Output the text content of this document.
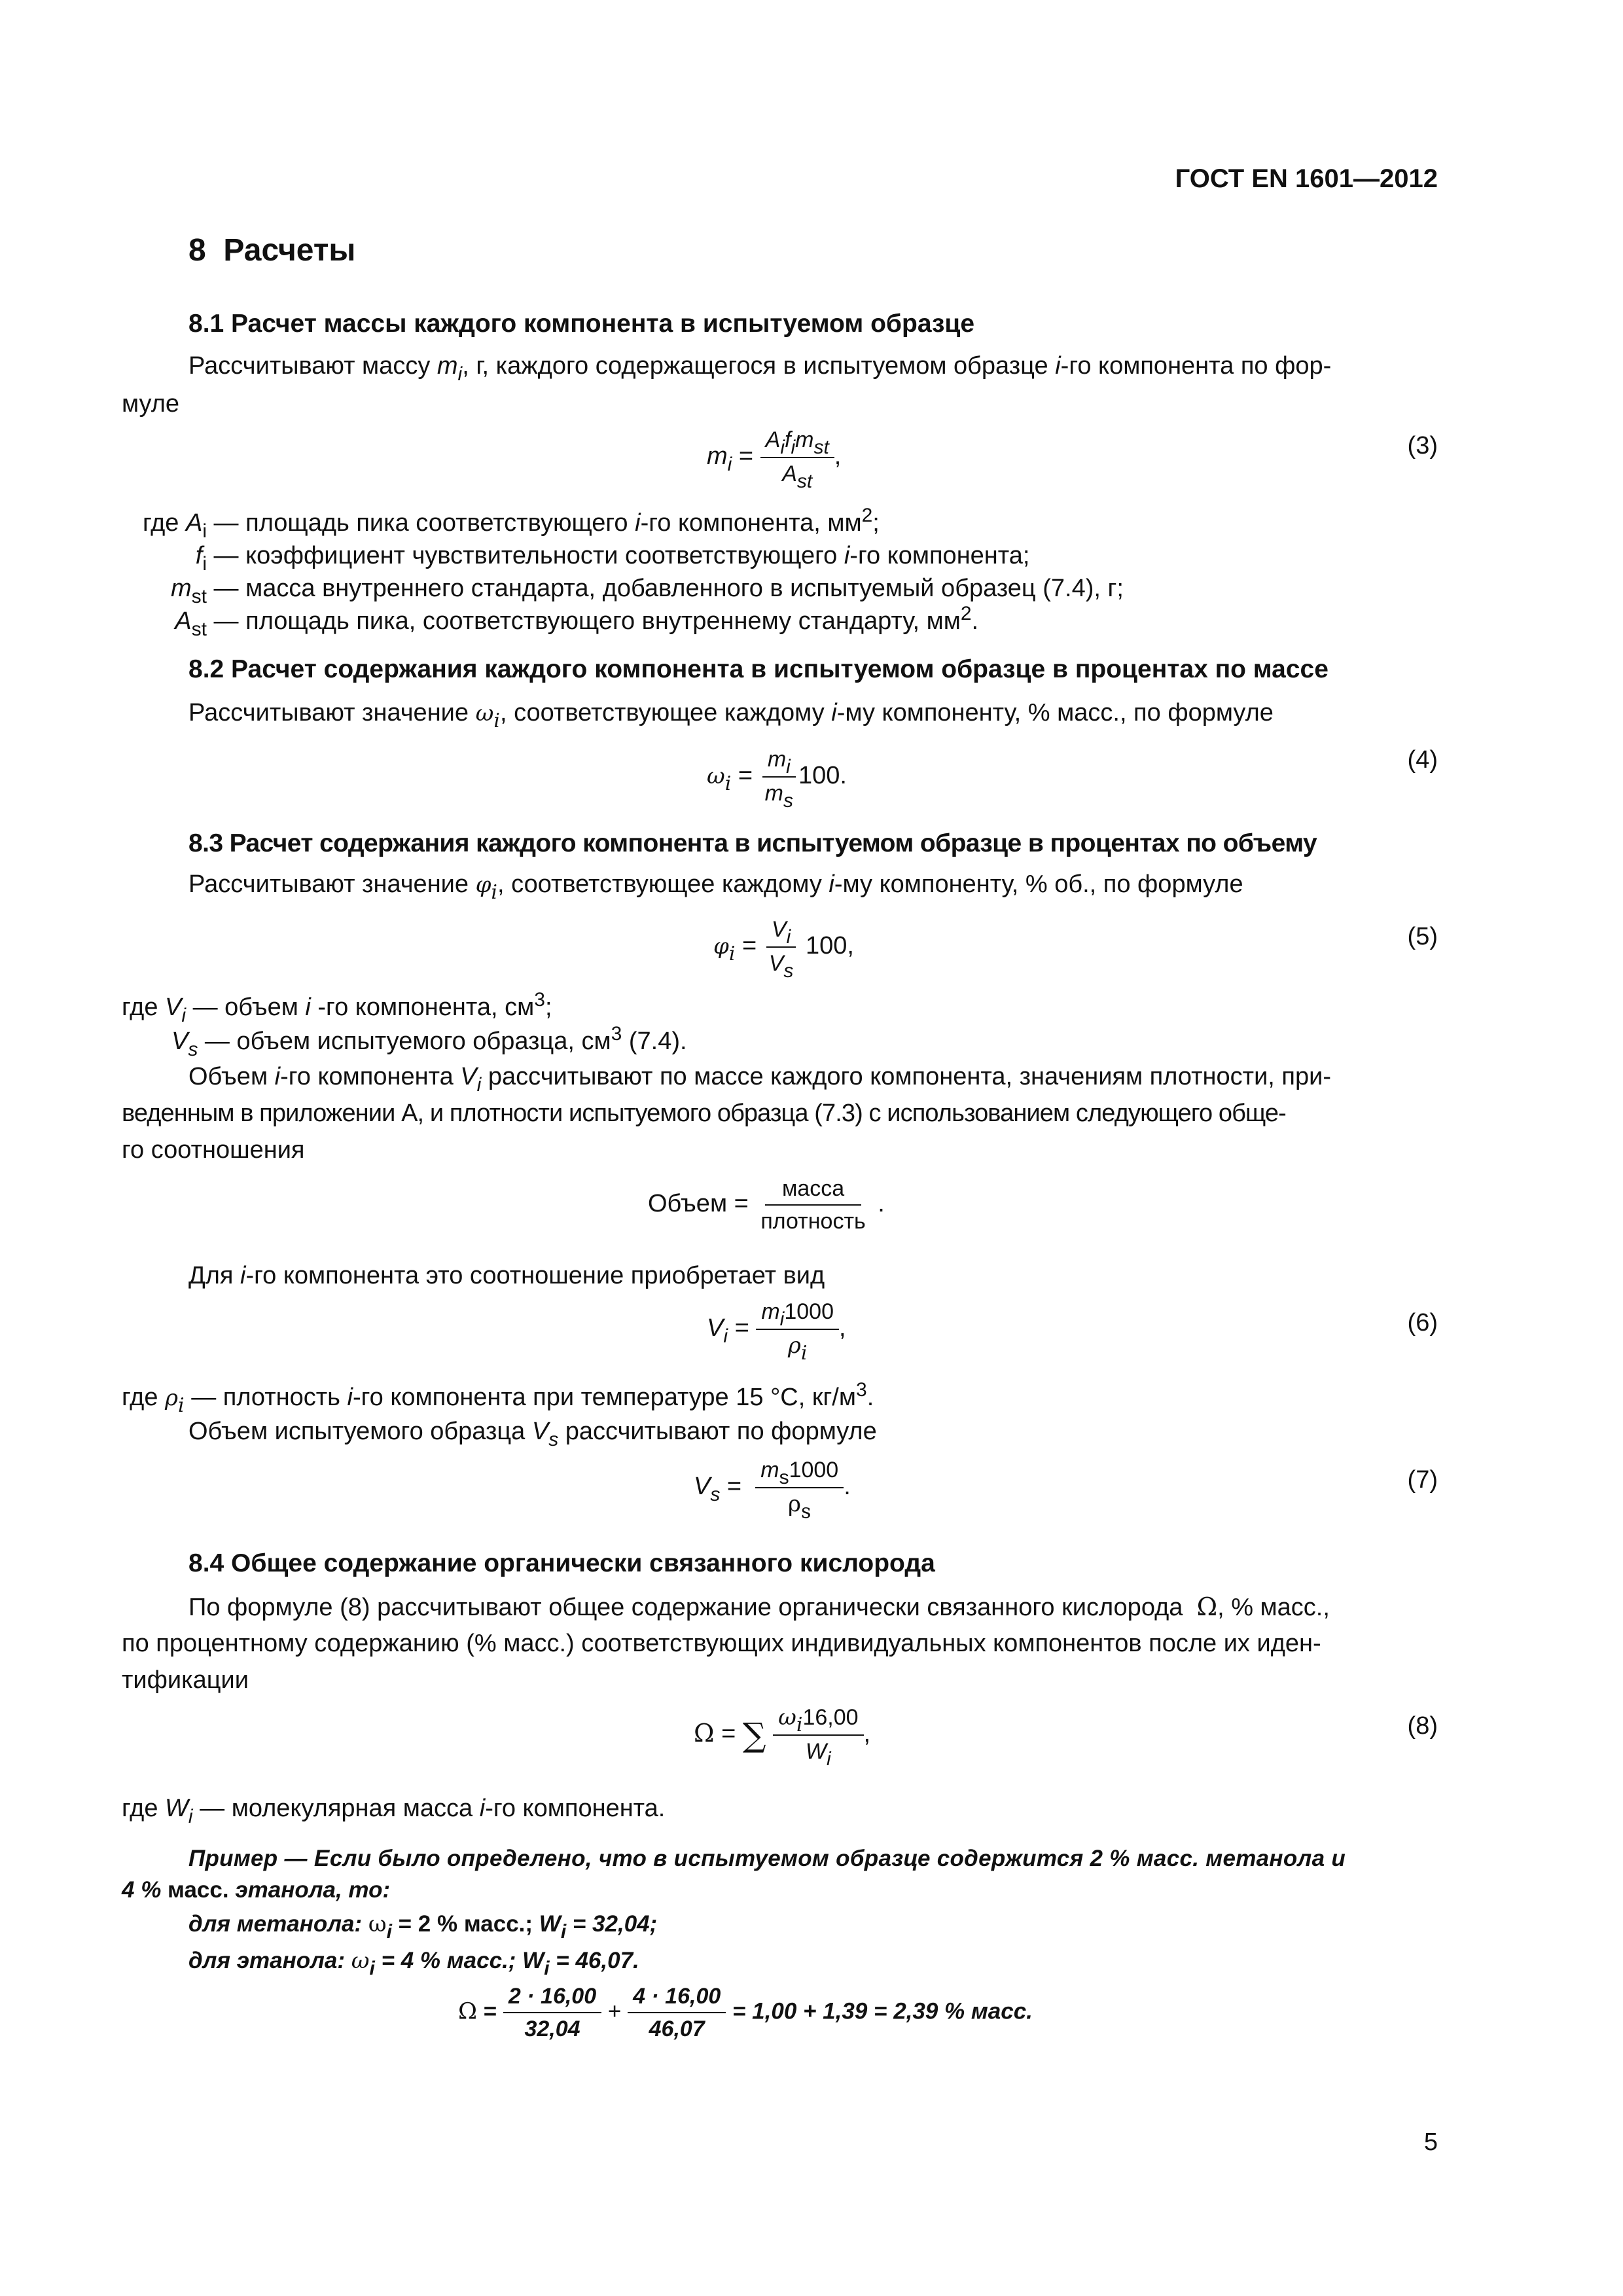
ГОСТ EN 1601—2012
8 Расчеты
8.1 Расчет массы каждого компонента в испытуемом образце
Рассчитывают массу $m_i$, г, каждого содержащегося в испытуемом образце i-го компонента по фор-
муле
$m_i = \frac{\text{Aifimst}}{\text{Ast}}$ ,	(3)
где $A_i$ — площадь пика соответствующего i-го компонента, $мм^2$;
$f_i$ — коэффициент чувствительности соответствующего i-го компонента;
$m_{st}$ — масса внутреннего стандарта, добавленного в испытуемый образец (7.4), г;
$A_{st}$ — площадь пика, соответствующего внутреннему стандарту, $мм^2$.
8.2 Расчет содержания каждого компонента в испытуемом образце в процентах по массе
Рассчитывают значение ωi, соответствующее каждому i-му компоненту, % масс., по формуле
$\omega i = \frac{mi}{ms} 100$.
(4)
8.3 Расчет содержания каждого компонента в испытуемом образце в процентах по объему
Рассчитывают значение φi, соответствующее каждому i-му компоненту, % об., по формуле
$\varphi i = \frac{Vi}{Vs} 100$,	(5)
где $V_i$ — объем i -го компонента, $см^3$;
$V_s$ — объем испытуемого образца, $см^3$ (7.4).
Объем i-го компонента $V_i$ рассчитывают по массе каждого компонента, значениям плотности, при-
веденным в приложении А, и плотности испытуемого образца (7.3) с использованием следующего обще-
го соотношения
Объем = $\frac{\text{масса}}{\text{плотность}}$ .
Для i-го компонента это соотношение приобретает вид
$V_i = \frac{mi1000}{\rho i}$ ,	(6)
где ρi — плотность i-го компонента при температуре 15 °С, $кг/м^3$.
Объем испытуемого образца $V_s$ рассчитывают по формуле
$V_s = \frac{ms1000}{\rho s}$ .	(7)
8.4 Общее содержание органически связанного кислорода
По формуле (8) рассчитывают общее содержание органически связанного кислорода Ω, % масс.,
по процентному содержанию (% масс.) соответствующих индивидуальных компонентов после их иден-
тификации
Ω = ∑ $\frac{\omega i16,00}{Wi}$ ,	(8)
где $W_i$ — молекулярная масса i-го компонента.
Пример — Если было определено, что в испытуемом образце содержится 2 % масс. метанола и
4 % масс. этанола, то:
для метанола: ωi = 2 % масс.; Wi = 32,04;
для этанола: ωi = 4 % масс.; Wi = 46,07.
$\Omega = \frac{2 \cdot 16,00}{32,04} + \frac{4 \cdot 16,00}{46,07} = 1,00 + 1,39 = 2,39$ % масс.
5
